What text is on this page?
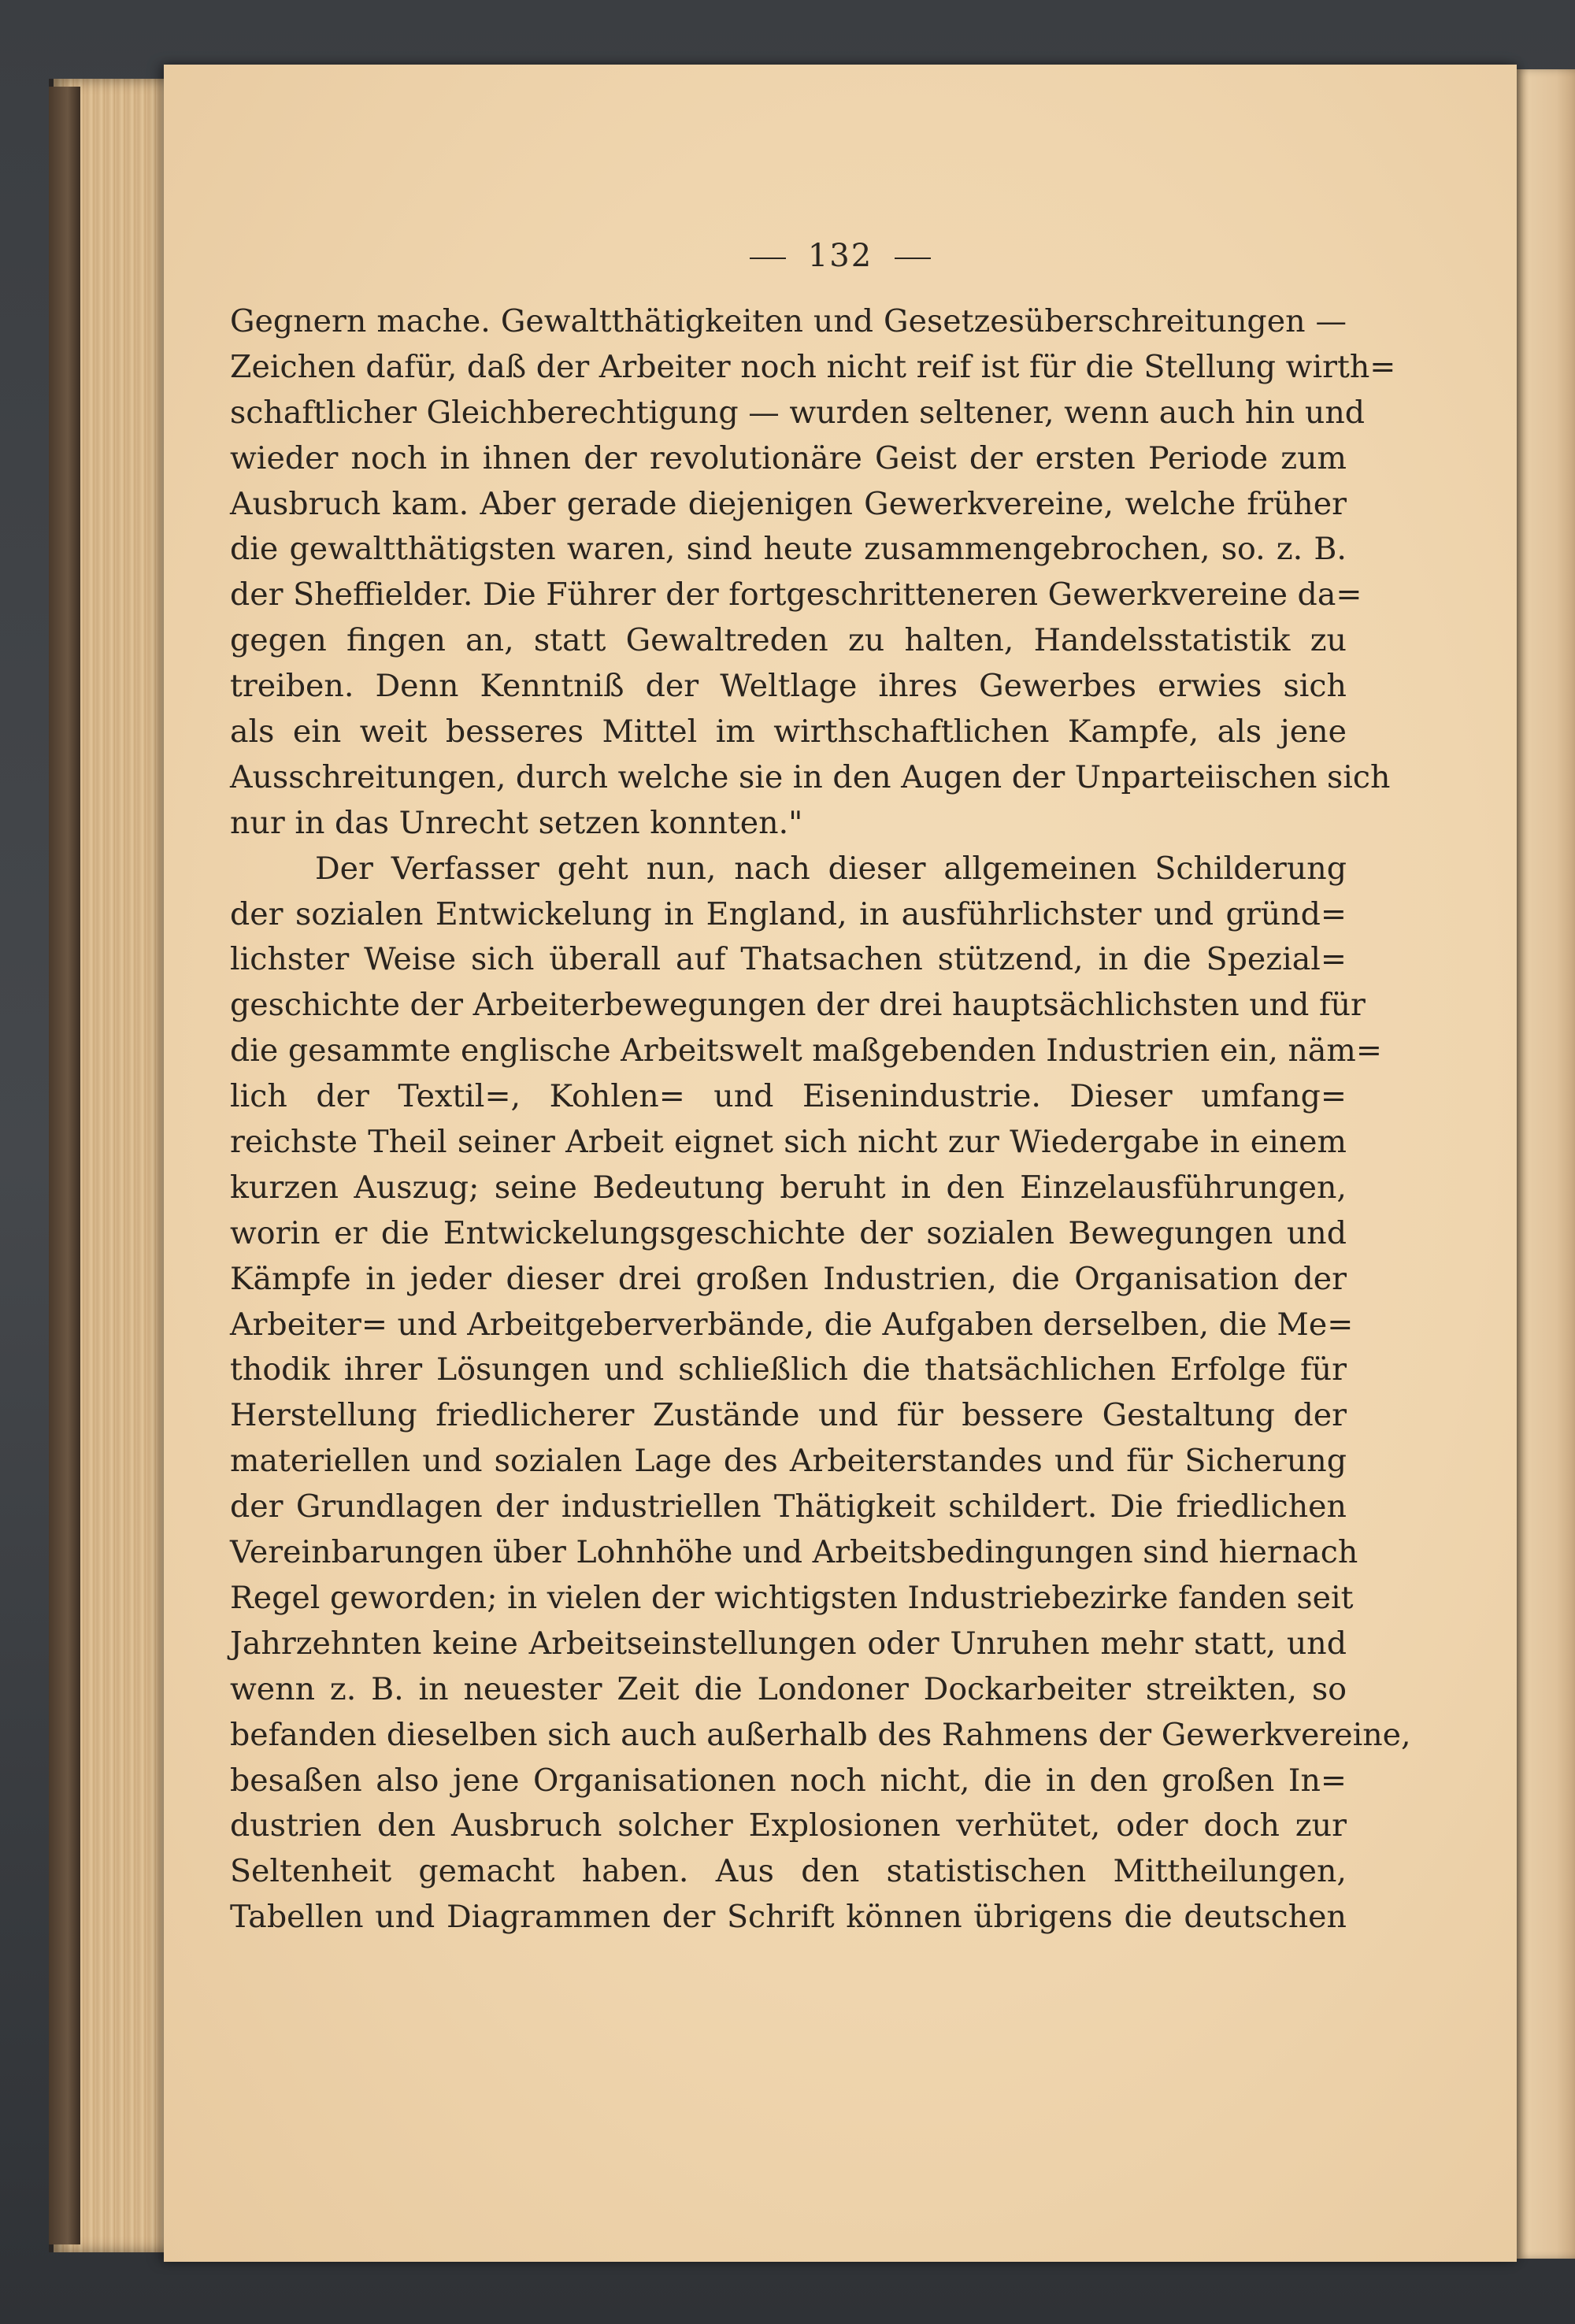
132
Gegnern mache. Gewaltthätigkeiten und Gesetzesüberschreitungen —
Zeichen dafür, daß der Arbeiter noch nicht reif ist für die Stellung wirth=
schaftlicher Gleichberechtigung — wurden seltener, wenn auch hin und
wieder noch in ihnen der revolutionäre Geist der ersten Periode zum
Ausbruch kam. Aber gerade diejenigen Gewerkvereine, welche früher
die gewaltthätigsten waren, sind heute zusammengebrochen, so. z. B.
der Sheffielder. Die Führer der fortgeschritteneren Gewerkvereine da=
gegen fingen an, statt Gewaltreden zu halten, Handelsstatistik zu
treiben. Denn Kenntniß der Weltlage ihres Gewerbes erwies sich
als ein weit besseres Mittel im wirthschaftlichen Kampfe, als jene
Ausschreitungen, durch welche sie in den Augen der Unparteiischen sich
nur in das Unrecht setzen konnten."
Der Verfasser geht nun, nach dieser allgemeinen Schilderung
der sozialen Entwickelung in England, in ausführlichster und gründ=
lichster Weise sich überall auf Thatsachen stützend, in die Spezial=
geschichte der Arbeiterbewegungen der drei hauptsächlichsten und für
die gesammte englische Arbeitswelt maßgebenden Industrien ein, näm=
lich der Textil=, Kohlen= und Eisenindustrie. Dieser umfang=
reichste Theil seiner Arbeit eignet sich nicht zur Wiedergabe in einem
kurzen Auszug; seine Bedeutung beruht in den Einzelausführungen,
worin er die Entwickelungsgeschichte der sozialen Bewegungen und
Kämpfe in jeder dieser drei großen Industrien, die Organisation der
Arbeiter= und Arbeitgeberverbände, die Aufgaben derselben, die Me=
thodik ihrer Lösungen und schließlich die thatsächlichen Erfolge für
Herstellung friedlicherer Zustände und für bessere Gestaltung der
materiellen und sozialen Lage des Arbeiterstandes und für Sicherung
der Grundlagen der industriellen Thätigkeit schildert. Die friedlichen
Vereinbarungen über Lohnhöhe und Arbeitsbedingungen sind hiernach
Regel geworden; in vielen der wichtigsten Industriebezirke fanden seit
Jahrzehnten keine Arbeitseinstellungen oder Unruhen mehr statt, und
wenn z. B. in neuester Zeit die Londoner Dockarbeiter streikten, so
befanden dieselben sich auch außerhalb des Rahmens der Gewerkvereine,
besaßen also jene Organisationen noch nicht, die in den großen In=
dustrien den Ausbruch solcher Explosionen verhütet, oder doch zur
Seltenheit gemacht haben. Aus den statistischen Mittheilungen,
Tabellen und Diagrammen der Schrift können übrigens die deutschen
